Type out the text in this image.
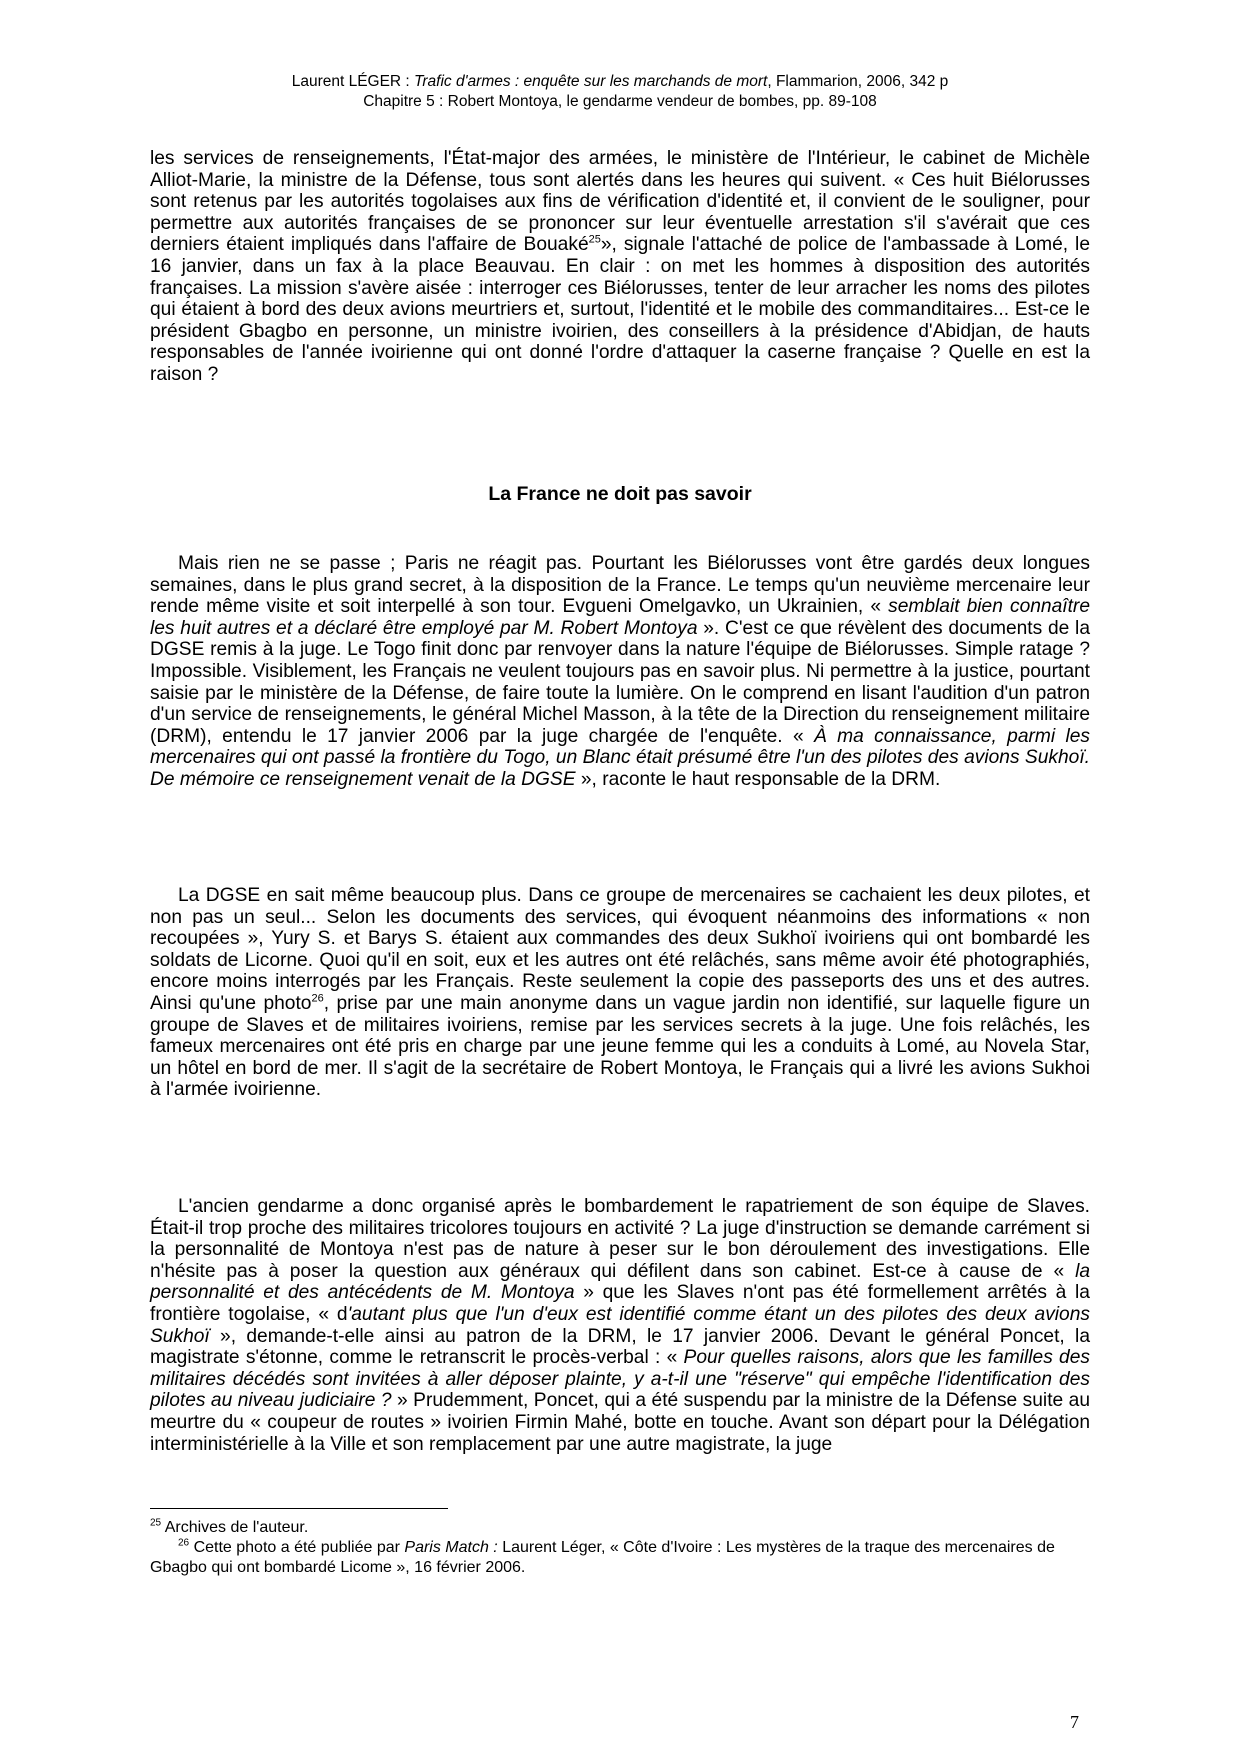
Laurent LÉGER : Trafic d'armes : enquête sur les marchands de mort, Flammarion, 2006, 342 p
Chapitre 5 : Robert Montoya, le gendarme vendeur de bombes, pp. 89-108

les services de renseignements, l'État-major des armées, le ministère de l'Intérieur, le cabinet de Michèle Alliot-Marie, la ministre de la Défense, tous sont alertés dans les heures qui suivent. « Ces huit Biélorusses sont retenus par les autorités togolaises aux fins de vérification d'identité et, il convient de le souligner, pour permettre aux autorités françaises de se prononcer sur leur éventuelle arrestation s'il s'avérait que ces derniers étaient impliqués dans l'affaire de Bouaké$^{25}$», signale l'attaché de police de l'ambassade à Lomé, le 16 janvier, dans un fax à la place Beauvau. En clair : on met les hommes à disposition des autorités françaises. La mission s'avère aisée : interroger ces Biélorusses, tenter de leur arracher les noms des pilotes qui étaient à bord des deux avions meurtriers et, surtout, l'identité et le mobile des commanditaires... Est-ce le président Gbagbo en personne, un ministre ivoirien, des conseillers à la présidence d'Abidjan, de hauts responsables de l'année ivoirienne qui ont donné l'ordre d'attaquer la caserne française ? Quelle en est la raison ?

La France ne doit pas savoir

Mais rien ne se passe ; Paris ne réagit pas. Pourtant les Biélorusses vont être gardés deux longues semaines, dans le plus grand secret, à la disposition de la France. Le temps qu'un neuvième mercenaire leur rende même visite et soit interpellé à son tour. Evgueni Omelgavko, un Ukrainien, « semblait bien connaître les huit autres et a déclaré être employé par M. Robert Montoya ». C'est ce que révèlent des documents de la DGSE remis à la juge. Le Togo finit donc par renvoyer dans la nature l'équipe de Biélorusses. Simple ratage ? Impossible. Visiblement, les Français ne veulent toujours pas en savoir plus. Ni permettre à la justice, pourtant saisie par le ministère de la Défense, de faire toute la lumière. On le comprend en lisant l'audition d'un patron d'un service de renseignements, le général Michel Masson, à la tête de la Direction du renseignement militaire (DRM), entendu le 17 janvier 2006 par la juge chargée de l'enquête. « À ma connaissance, parmi les mercenaires qui ont passé la frontière du Togo, un Blanc était présumé être l'un des pilotes des avions Sukhoï. De mémoire ce renseignement venait de la DGSE », raconte le haut responsable de la DRM.

La DGSE en sait même beaucoup plus. Dans ce groupe de mercenaires se cachaient les deux pilotes, et non pas un seul... Selon les documents des services, qui évoquent néanmoins des informations « non recoupées », Yury S. et Barys S. étaient aux commandes des deux Sukhoï ivoiriens qui ont bombardé les soldats de Licorne. Quoi qu'il en soit, eux et les autres ont été relâchés, sans même avoir été photographiés, encore moins interrogés par les Français. Reste seulement la copie des passeports des uns et des autres. Ainsi qu'une photo$^{26}$, prise par une main anonyme dans un vague jardin non identifié, sur laquelle figure un groupe de Slaves et de militaires ivoiriens, remise par les services secrets à la juge. Une fois relâchés, les fameux mercenaires ont été pris en charge par une jeune femme qui les a conduits à Lomé, au Novela Star, un hôtel en bord de mer. Il s'agit de la secrétaire de Robert Montoya, le Français qui a livré les avions Sukhoi à l'armée ivoirienne.

L'ancien gendarme a donc organisé après le bombardement le rapatriement de son équipe de Slaves. Était-il trop proche des militaires tricolores toujours en activité ? La juge d'instruction se demande carrément si la personnalité de Montoya n'est pas de nature à peser sur le bon déroulement des investigations. Elle n'hésite pas à poser la question aux généraux qui défilent dans son cabinet. Est-ce à cause de « la personnalité et des antécédents de M. Montoya » que les Slaves n'ont pas été formellement arrêtés à la frontière togolaise, « d'autant plus que l'un d'eux est identifié comme étant un des pilotes des deux avions Sukhoï », demande-t-elle ainsi au patron de la DRM, le 17 janvier 2006. Devant le général Poncet, la magistrate s'étonne, comme le retranscrit le procès-verbal : « Pour quelles raisons, alors que les familles des militaires décédés sont invitées à aller déposer plainte, y a-t-il une "réserve" qui empêche l'identification des pilotes au niveau judiciaire ? » Prudemment, Poncet, qui a été suspendu par la ministre de la Défense suite au meurtre du « coupeur de routes » ivoirien Firmin Mahé, botte en touche. Avant son départ pour la Délégation interministérielle à la Ville et son remplacement par une autre magistrate, la juge

$^{25}$ Archives de l'auteur.

$^{26}$ Cette photo a été publiée par Paris Match : Laurent Léger, « Côte d'Ivoire : Les mystères de la traque des mercenaires de Gbagbo qui ont bombardé Licome », 16 février 2006.

7
